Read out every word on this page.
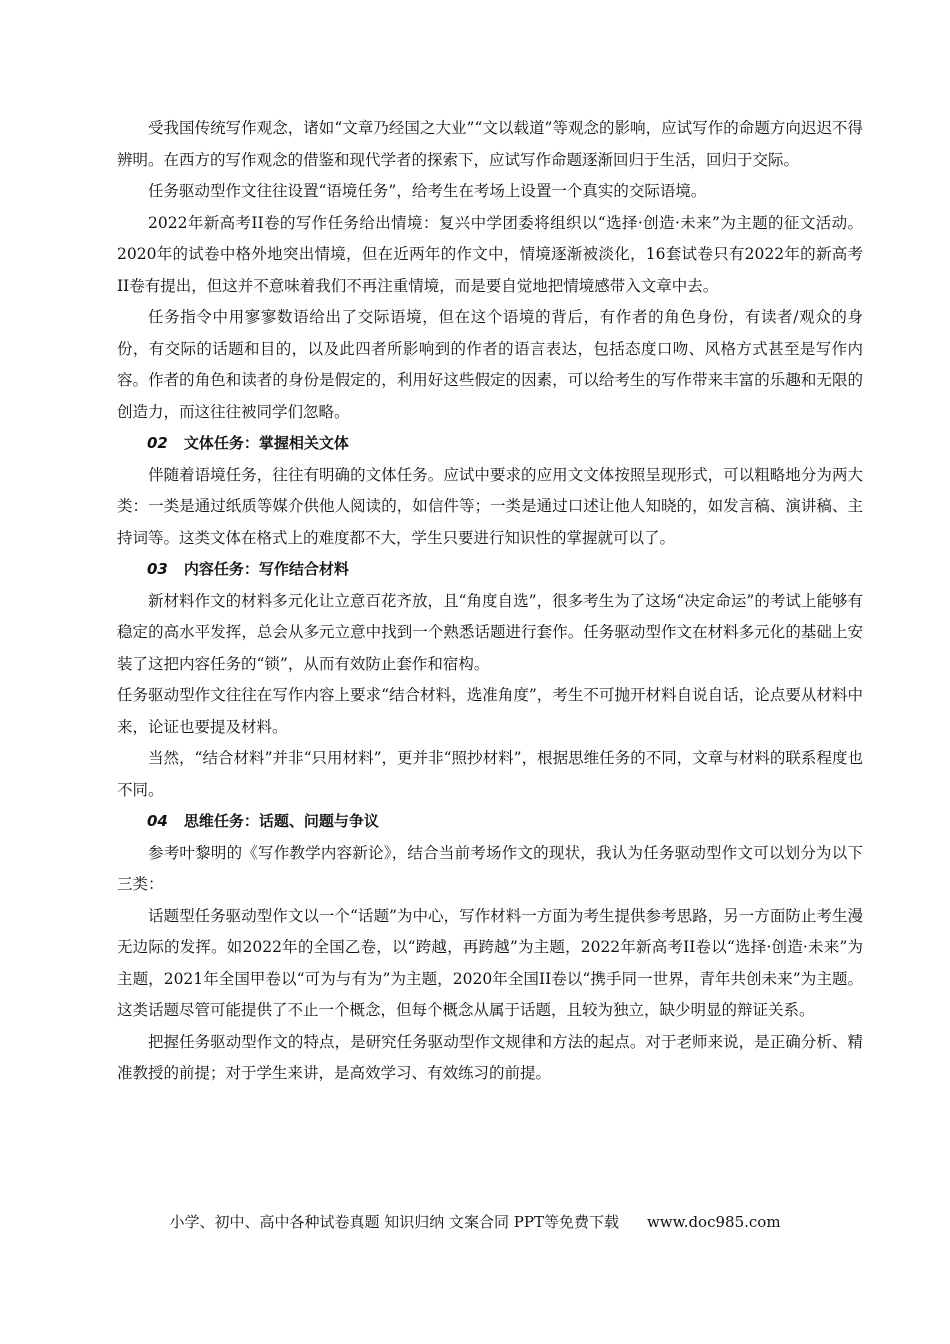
受我国传统写作观念，诸如“文章乃经国之大业”“文以载道”等观念的影响，应试写作的命题方向迟迟不得辨明。在西方的写作观念的借鉴和现代学者的探索下，应试写作命题逐渐回归于生活，回归于交际。

任务驱动型作文往往设置“语境任务”，给考生在考场上设置一个真实的交际语境。

2022年新高考II卷的写作任务给出情境：复兴中学团委将组织以“选择·创造·未来”为主题的征文活动。2020年的试卷中格外地突出情境，但在近两年的作文中，情境逐渐被淡化，16套试卷只有2022年的新高考II卷有提出，但这并不意味着我们不再注重情境，而是要自觉地把情境感带入文章中去。

任务指令中用寥寥数语给出了交际语境，但在这个语境的背后，有作者的角色身份，有读者/观众的身份，有交际的话题和目的，以及此四者所影响到的作者的语言表达，包括态度口吻、风格方式甚至是写作内容。作者的角色和读者的身份是假定的，利用好这些假定的因素，可以给考生的写作带来丰富的乐趣和无限的创造力，而这往往被同学们忽略。

02 文体任务：掌握相关文体

伴随着语境任务，往往有明确的文体任务。应试中要求的应用文文体按照呈现形式，可以粗略地分为两大类：一类是通过纸质等媒介供他人阅读的，如信件等；一类是通过口述让他人知晓的，如发言稿、演讲稿、主持词等。这类文体在格式上的难度都不大，学生只要进行知识性的掌握就可以了。

03 内容任务：写作结合材料

新材料作文的材料多元化让立意百花齐放，且“角度自选”，很多考生为了这场“决定命运”的考试上能够有稳定的高水平发挥，总会从多元立意中找到一个熟悉话题进行套作。任务驱动型作文在材料多元化的基础上安装了这把内容任务的“锁”，从而有效防止套作和宿构。

任务驱动型作文往往在写作内容上要求“结合材料，选准角度”，考生不可抛开材料自说自话，论点要从材料中来，论证也要提及材料。

当然，“结合材料”并非“只用材料”，更并非“照抄材料”，根据思维任务的不同，文章与材料的联系程度也不同。

04 思维任务：话题、问题与争议

参考叶黎明的《写作教学内容新论》，结合当前考场作文的现状，我认为任务驱动型作文可以划分为以下三类：

话题型任务驱动型作文以一个“话题”为中心，写作材料一方面为考生提供参考思路，另一方面防止考生漫无边际的发挥。如2022年的全国乙卷，以“跨越，再跨越”为主题，2022年新高考II卷以“选择·创造·未来”为主题，2021年全国甲卷以“可为与有为”为主题，2020年全国II卷以“携手同一世界，青年共创未来”为主题。这类话题尽管可能提供了不止一个概念，但每个概念从属于话题，且较为独立，缺少明显的辩证关系。

把握任务驱动型作文的特点，是研究任务驱动型作文规律和方法的起点。对于老师来说，是正确分析、精准教授的前提；对于学生来讲，是高效学习、有效练习的前提。

小学、初中、高中各种试卷真题 知识归纳 文案合同 PPT等免费下载 www.doc985.com
